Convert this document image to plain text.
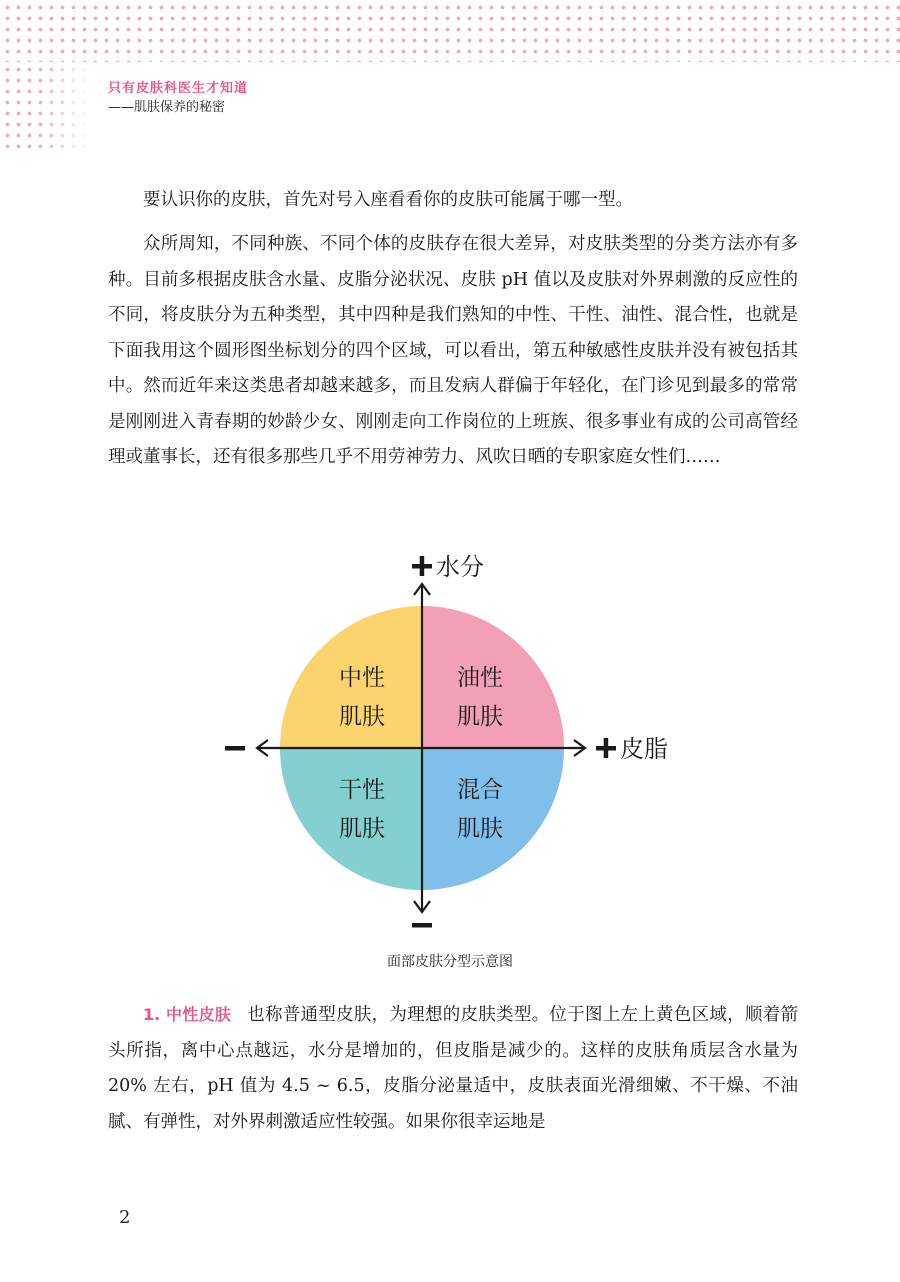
只有皮肤科医生才知道
——肌肤保养的秘密

要认识你的皮肤，首先对号入座看看你的皮肤可能属于哪一型。

众所周知，不同种族、不同个体的皮肤存在很大差异，对皮肤类型的分类方法亦有多种。目前多根据皮肤含水量、皮脂分泌状况、皮肤 pH 值以及皮肤对外界刺激的反应性的不同，将皮肤分为五种类型，其中四种是我们熟知的中性、干性、油性、混合性，也就是下面我用这个圆形图坐标划分的四个区域，可以看出，第五种敏感性皮肤并没有被包括其中。然而近年来这类患者却越来越多，而且发病人群偏于年轻化，在门诊见到最多的常常是刚刚进入青春期的妙龄少女、刚刚走向工作岗位的上班族、很多事业有成的公司高管经理或董事长，还有很多那些几乎不用劳神劳力、风吹日晒的专职家庭女性们……

水分
皮脂
中性
肌肤
油性
肌肤
干性
肌肤
混合
肌肤
面部皮肤分型示意图

1. 中性皮肤 也称普通型皮肤，为理想的皮肤类型。位于图上左上黄色区域，顺着箭头所指，离中心点越远，水分是增加的，但皮脂是减少的。这样的皮肤角质层含水量为 20% 左右，pH 值为 4.5 ~ 6.5，皮脂分泌量适中，皮肤表面光滑细嫩、不干燥、不油腻、有弹性，对外界刺激适应性较强。如果你很幸运地是

2
